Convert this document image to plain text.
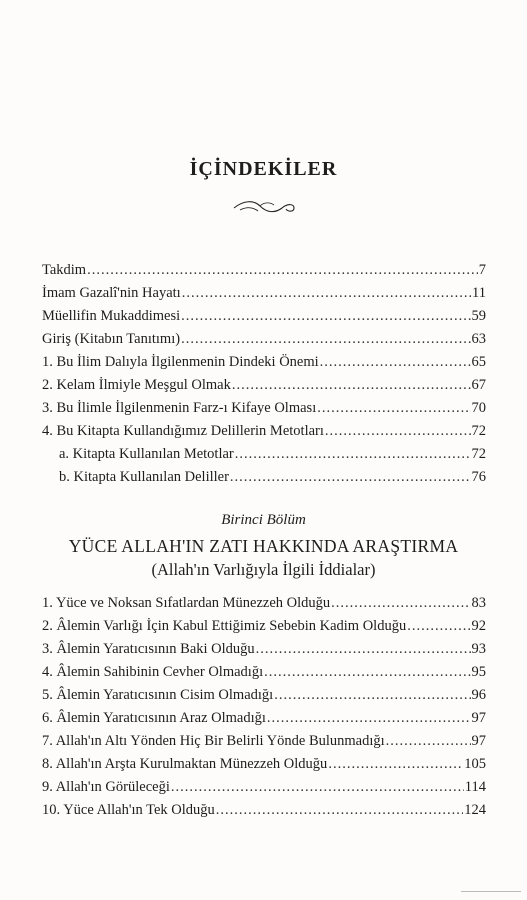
İÇİNDEKİLER
Takdim .....	7
İmam Gazalî'nin Hayatı .....	11
Müellifin Mukaddimesi .....	59
Giriş (Kitabın Tanıtımı) .....	63
1. Bu İlim Dalıyla İlgilenmenin Dindeki Önemi .....	65
2. Kelam İlmiyle Meşgul Olmak .....	67
3. Bu İlimle İlgilenmenin Farz-ı Kifaye Olması .....	70
4. Bu Kitapta Kullandığımız Delillerin Metotları .....	72
a. Kitapta Kullanılan Metotlar .....	72
b. Kitapta Kullanılan Deliller .....	76
Birinci Bölüm
YÜCE ALLAH'IN ZATI HAKKINDA ARAŞTIRMA
(Allah'ın Varlığıyla İlgili İddialar)
1. Yüce ve Noksan Sıfatlardan Münezzeh Olduğu .....	83
2. Âlemin Varlığı İçin Kabul Ettiğimiz Sebebin Kadim Olduğu .....	92
3. Âlemin Yaratıcısının Baki Olduğu .....	93
4. Âlemin Sahibinin Cevher Olmadığı .....	95
5. Âlemin Yaratıcısının Cisim Olmadığı .....	96
6. Âlemin Yaratıcısının Araz Olmadığı .....	97
7. Allah'ın Altı Yönden Hiç Bir Belirli Yönde Bulunmadığı .....	97
8. Allah'ın Arşta Kurulmaktan Münezzeh Olduğu .....	105
9. Allah'ın Görüleceği .....	114
10. Yüce Allah'ın Tek Olduğu .....	124
